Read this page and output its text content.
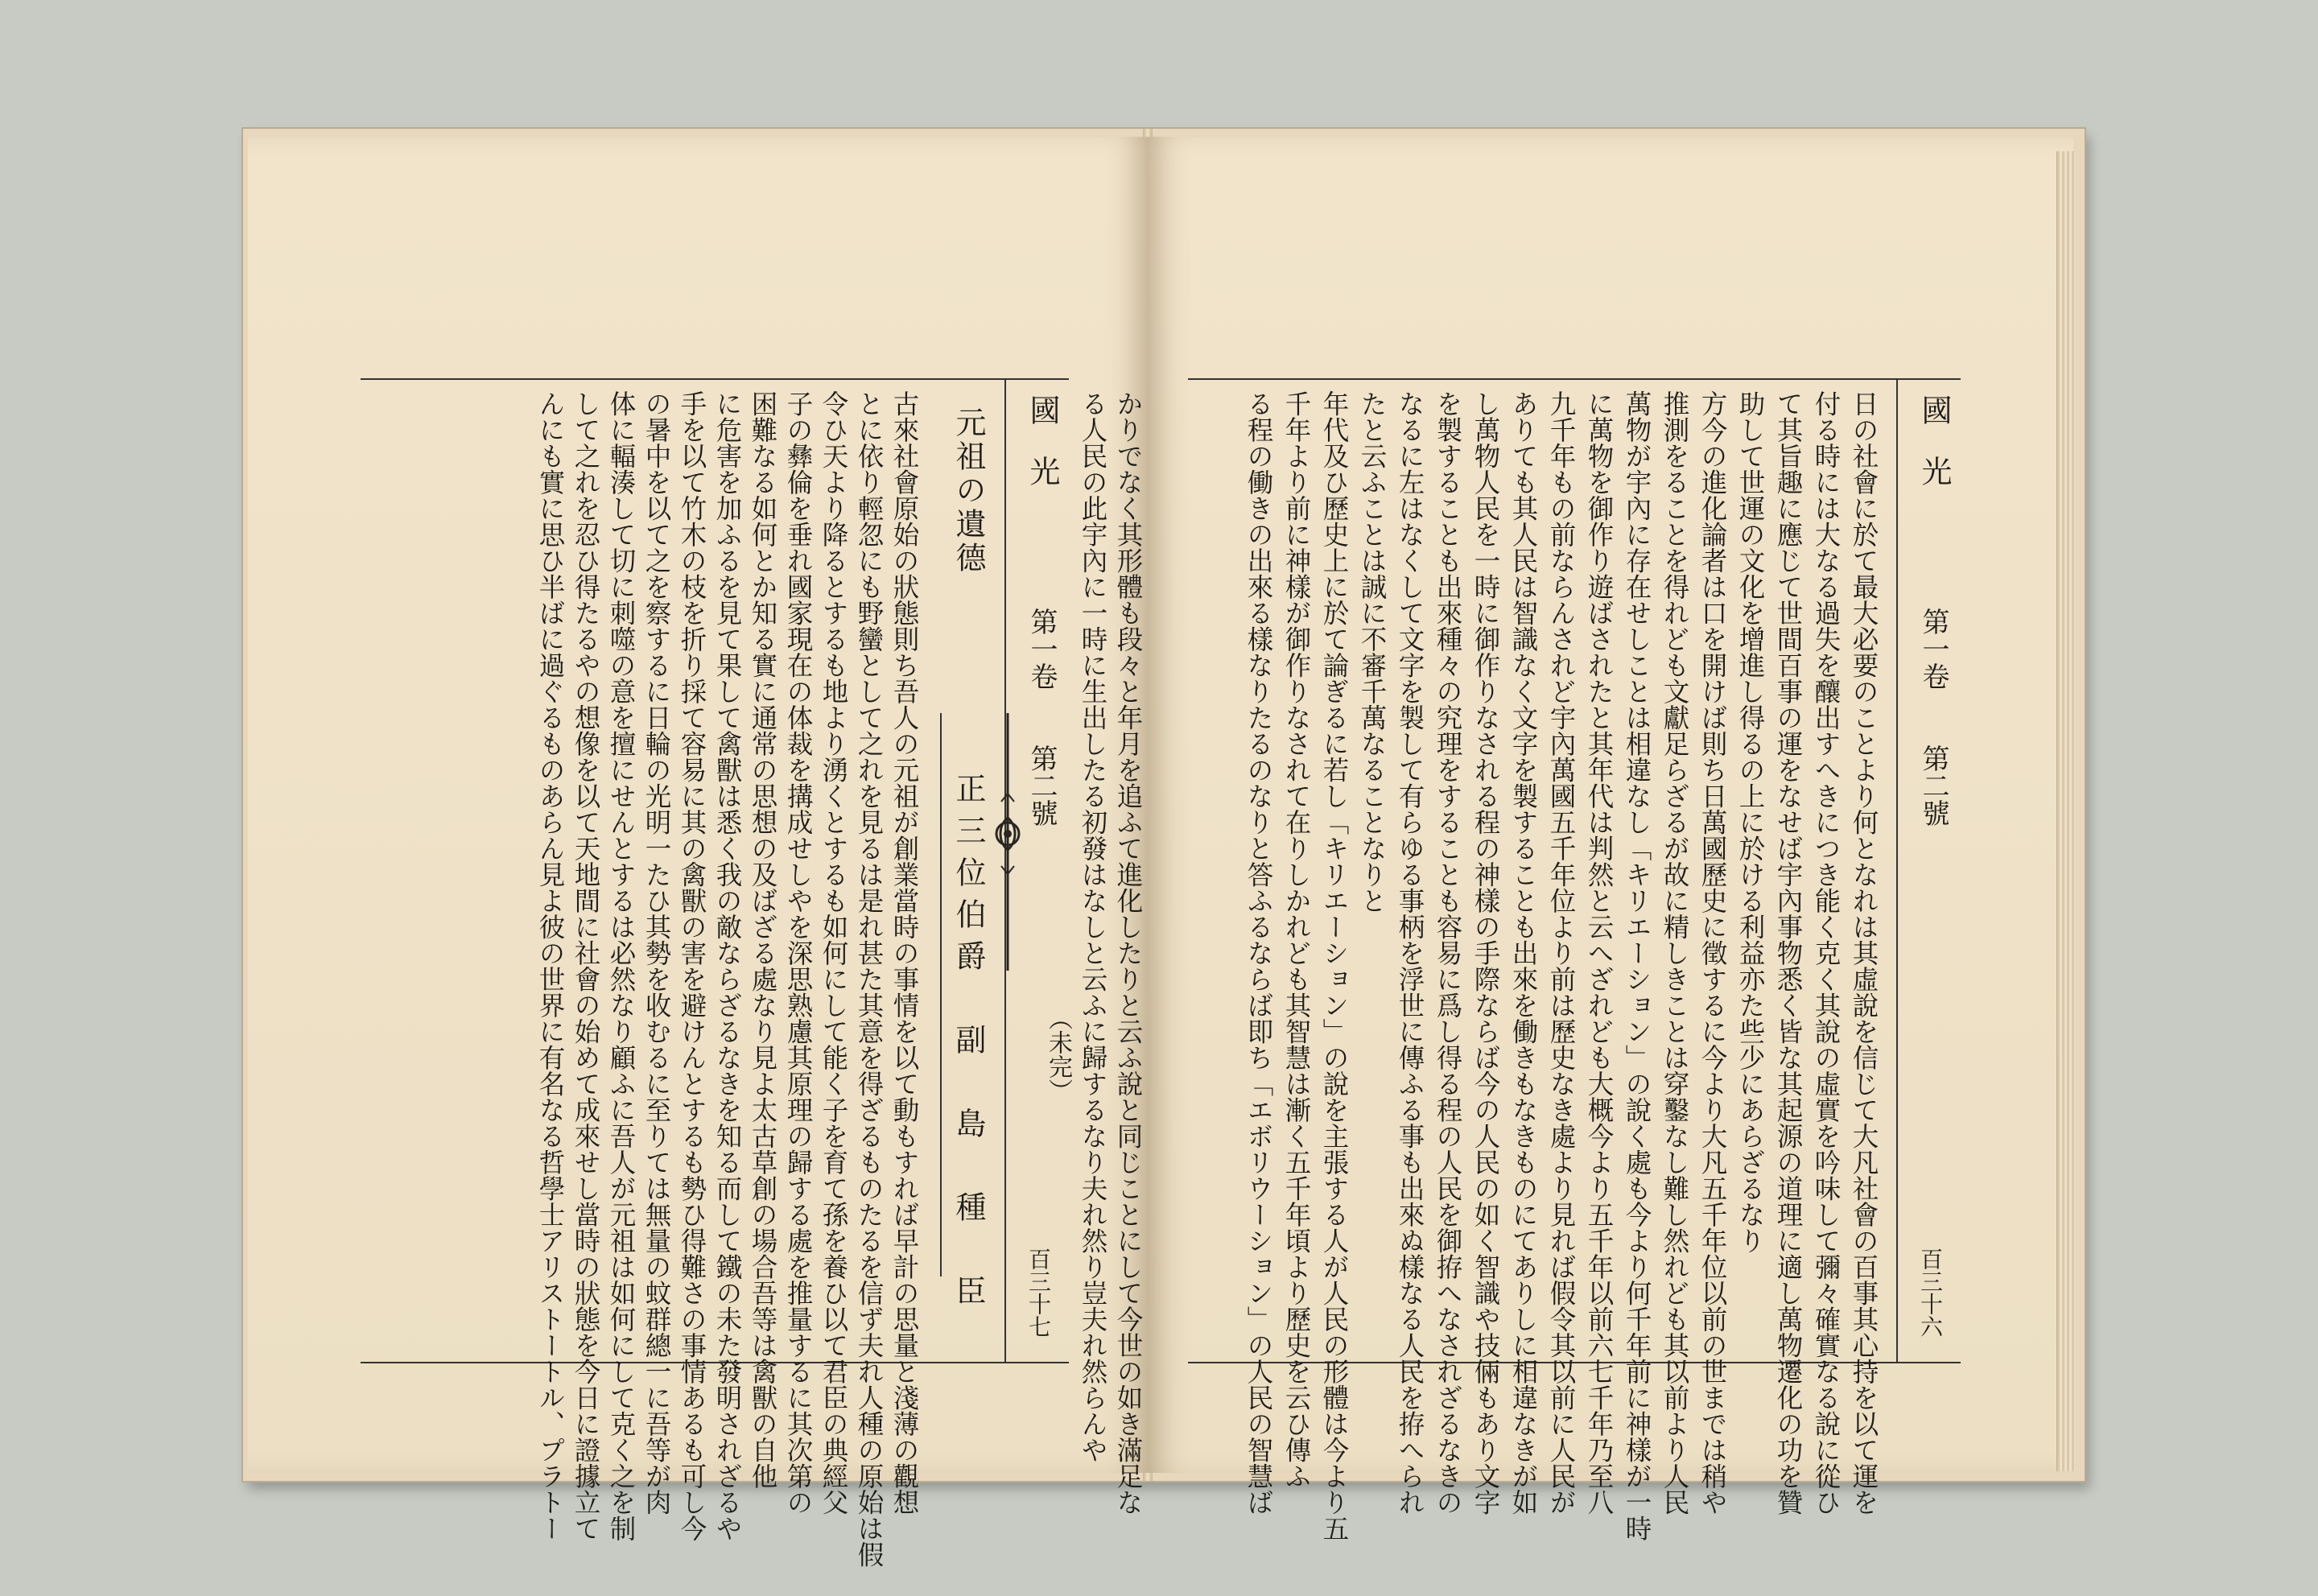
國　光
第一卷
第二號
百三十七 かりでなく其形體も段々と年月を追ふて進化したりと云ふ說と同じことにして今世の如き滿足な
る人民の此宇內に一時に生出したる初發はなしと云ふに歸するなり夫れ然り豈夫れ然らんや
（未完）
元祖の遺德
正三位伯爵　副　島　種　臣
古來社會原始の狀態則ち吾人の元祖が創業當時の事情を以て動もすれば早計の思量と淺薄の觀想
とに依り輕忽にも野蠻として之れを見るは是れ甚た其意を得ざるものたるを信ず夫れ人種の原始は假
令ひ天より降るとするも地より湧くとするも如何にして能く子を育て孫を養ひ以て君臣の典經父
子の彝倫を垂れ國家現在の体裁を搆成せしやを深思熟慮其原理の歸する處を推量するに其次第の
困難なる如何とか知る實に通常の思想の及ばざる處なり見よ太古草創の場合吾等は禽獸の自他
に危害を加ふるを見て果して禽獸は悉く我の敵ならざるなきを知る而して鐵の未た發明されざるや
手を以て竹木の枝を折り採て容易に其の禽獸の害を避けんとするも勢ひ得難さの事情あるも可し今
の暑中を以て之を察するに日輪の光明一たひ其勢を收むるに至りては無量の蚊群總一に吾等が肉
体に輻湊して切に刺噬の意を擅にせんとするは必然なり顧ふに吾人が元祖は如何にして克く之を制
して之れを忍ひ得たるやの想像を以て天地間に社會の始めて成來せし當時の狀態を今日に證據立て
んにも實に思ひ半ばに過ぐるものあらん見よ彼の世界に有名なる哲學士アリストートル、プラトー	國　光
第一卷
第二號
百三十六
日の社會に於て最大必要のことより何となれは其虛說を信じて大凡社會の百事其心持を以て運を
付る時には大なる過失を釀出すへきにつき能く克く其說の虛實を吟味して彌々確實なる說に從ひ
て其旨趣に應じて世間百事の運をなせば宇內事物悉く皆な其起源の道理に適し萬物遷化の功を贊
助して世運の文化を增進し得るの上に於ける利益亦た些少にあらざるなり
方今の進化論者は口を開けば則ち日萬國歷史に徵するに今より大凡五千年位以前の世までは稍や
推測をることを得れども文獻足らざるが故に精しきことは穿鑿なし難し然れども其以前より人民
萬物が宇內に存在せしことは相違なし「キリエーション」の說く處も今より何千年前に神樣が一時
に萬物を御作り遊ばされたと其年代は判然と云へざれども大概今より五千年以前六七千年乃至八
九千年もの前ならんされど宇內萬國五千年位より前は歷史なき處より見れば假令其以前に人民が
ありても其人民は智識なく文字を製することも出來を働きもなきものにてありしに相違なきが如
し萬物人民を一時に御作りなされる程の神樣の手際ならば今の人民の如く智識や技倆もあり文字
を製することも出來種々の究理をすることも容易に爲し得る程の人民を御拵へなされざるなきの
なるに左はなくして文字を製して有らゆる事柄を浮世に傳ふる事も出來ぬ樣なる人民を拵へられ
たと云ふことは誠に不審千萬なることなりと
年代及ひ歷史上に於て論ぎるに若し「キリエーション」の說を主張する人が人民の形體は今より五
千年より前に神樣が御作りなされて在りしかれども其智慧は漸く五千年頃より歷史を云ひ傳ふ
る程の働きの出來る樣なりたるのなりと答ふるならば即ち「エボリウーション」の人民の智慧ば
